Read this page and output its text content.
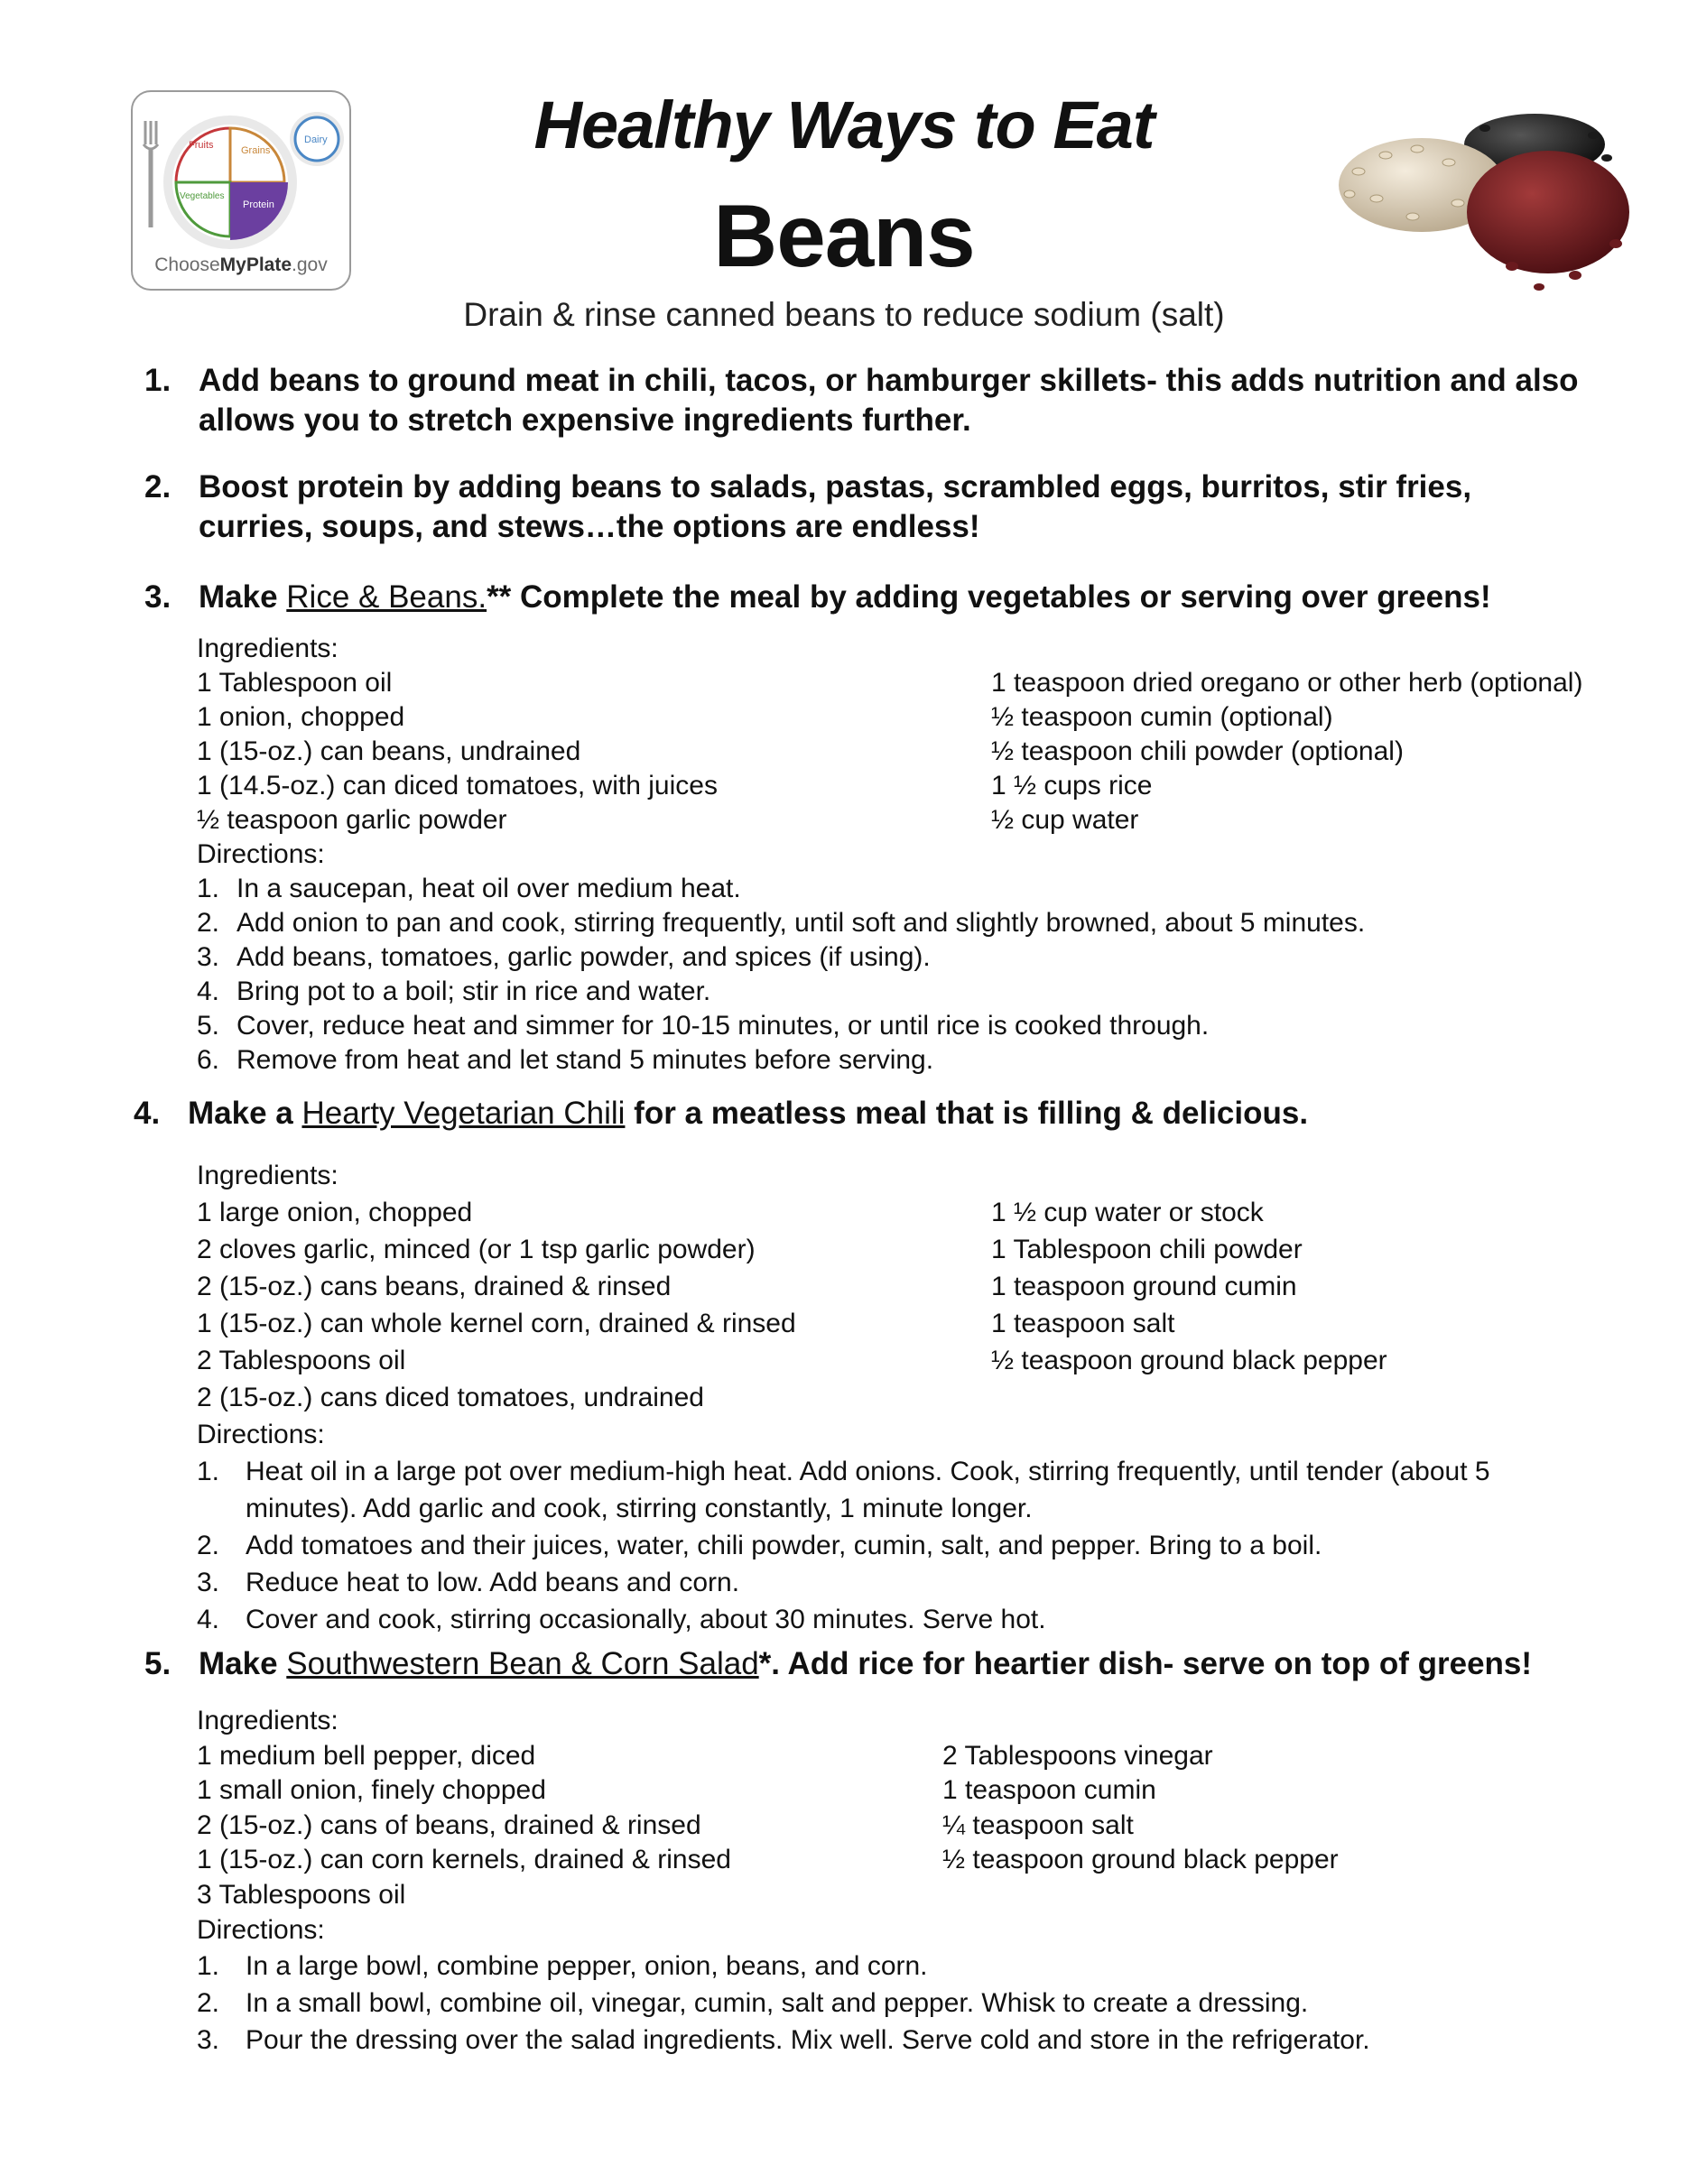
Fruits	Grains
Vegetables
Protein
Dairy
ChooseMyPlate.gov
Healthy Ways to Eat
Beans
Drain & rinse canned beans to reduce sodium (salt)
1. Add beans to ground meat in chili, tacos, or hamburger skillets- this adds nutrition and also allows you to stretch expensive ingredients further.
2. Boost protein by adding beans to salads, pastas, scrambled eggs, burritos, stir fries, curries, soups, and stews…the options are endless!
3. Make Rice & Beans.** Complete the meal by adding vegetables or serving over greens!
Ingredients:
1 Tablespoon oil
1 onion, chopped
1 (15-oz.) can beans, undrained
1 (14.5-oz.) can diced tomatoes, with juices
½ teaspoon garlic powder
1 teaspoon dried oregano or other herb (optional)
½ teaspoon cumin (optional)
½ teaspoon chili powder (optional)
1 ½ cups rice
½ cup water
Directions:
1. In a saucepan, heat oil over medium heat.
2. Add onion to pan and cook, stirring frequently, until soft and slightly browned, about 5 minutes.
3. Add beans, tomatoes, garlic powder, and spices (if using).
4. Bring pot to a boil; stir in rice and water.
5. Cover, reduce heat and simmer for 10-15 minutes, or until rice is cooked through.
6. Remove from heat and let stand 5 minutes before serving.
4. Make a Hearty Vegetarian Chili for a meatless meal that is filling & delicious.
Ingredients:
1 large onion, chopped
2 cloves garlic, minced (or 1 tsp garlic powder)
2 (15-oz.) cans beans, drained & rinsed
1 (15-oz.) can whole kernel corn, drained & rinsed
2 Tablespoons oil
2 (15-oz.) cans diced tomatoes, undrained
1 ½ cup water or stock
1 Tablespoon chili powder
1 teaspoon ground cumin
1 teaspoon salt
½ teaspoon ground black pepper
Directions:
1. Heat oil in a large pot over medium-high heat. Add onions. Cook, stirring frequently, until tender (about 5
minutes). Add garlic and cook, stirring constantly, 1 minute longer.
2. Add tomatoes and their juices, water, chili powder, cumin, salt, and pepper. Bring to a boil.
3. Reduce heat to low. Add beans and corn.
4. Cover and cook, stirring occasionally, about 30 minutes. Serve hot.
5. Make Southwestern Bean & Corn Salad*. Add rice for heartier dish- serve on top of greens!
Ingredients:
1 medium bell pepper, diced
1 small onion, finely chopped
2 (15-oz.) cans of beans, drained & rinsed
1 (15-oz.) can corn kernels, drained & rinsed
3 Tablespoons oil
2 Tablespoons vinegar
1 teaspoon cumin
¼ teaspoon salt
½ teaspoon ground black pepper
Directions:
1. In a large bowl, combine pepper, onion, beans, and corn.
2. In a small bowl, combine oil, vinegar, cumin, salt and pepper. Whisk to create a dressing.
3. Pour the dressing over the salad ingredients. Mix well. Serve cold and store in the refrigerator.
